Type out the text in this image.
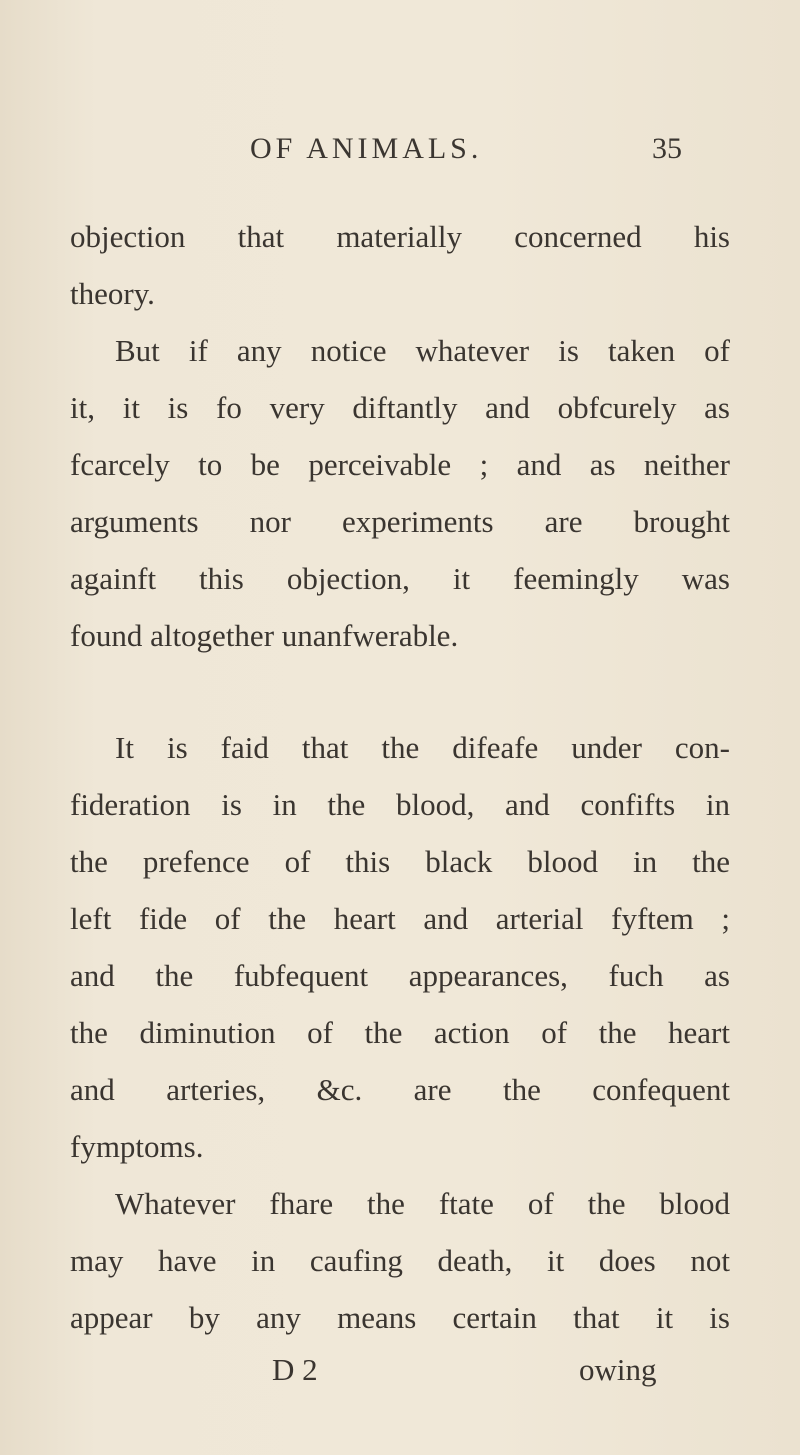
OF ANIMALS.	35
objection that materially concerned his
theory.
But if any notice whatever is taken of
it, it is fo very diftantly and obfcurely as
fcarcely to be perceivable ; and as neither
arguments nor experiments are brought
againft this objection, it feemingly was
found altogether unanfwerable.
It is faid that the difeafe under con-
fideration is in the blood, and confifts in
the prefence of this black blood in the
left fide of the heart and arterial fyftem ;
and the fubfequent appearances, fuch as
the diminution of the action of the heart
and arteries, &c. are the confequent
fymptoms.
Whatever fhare the ftate of the blood
may have in caufing death, it does not
appear by any means certain that it is
D 2	owing
